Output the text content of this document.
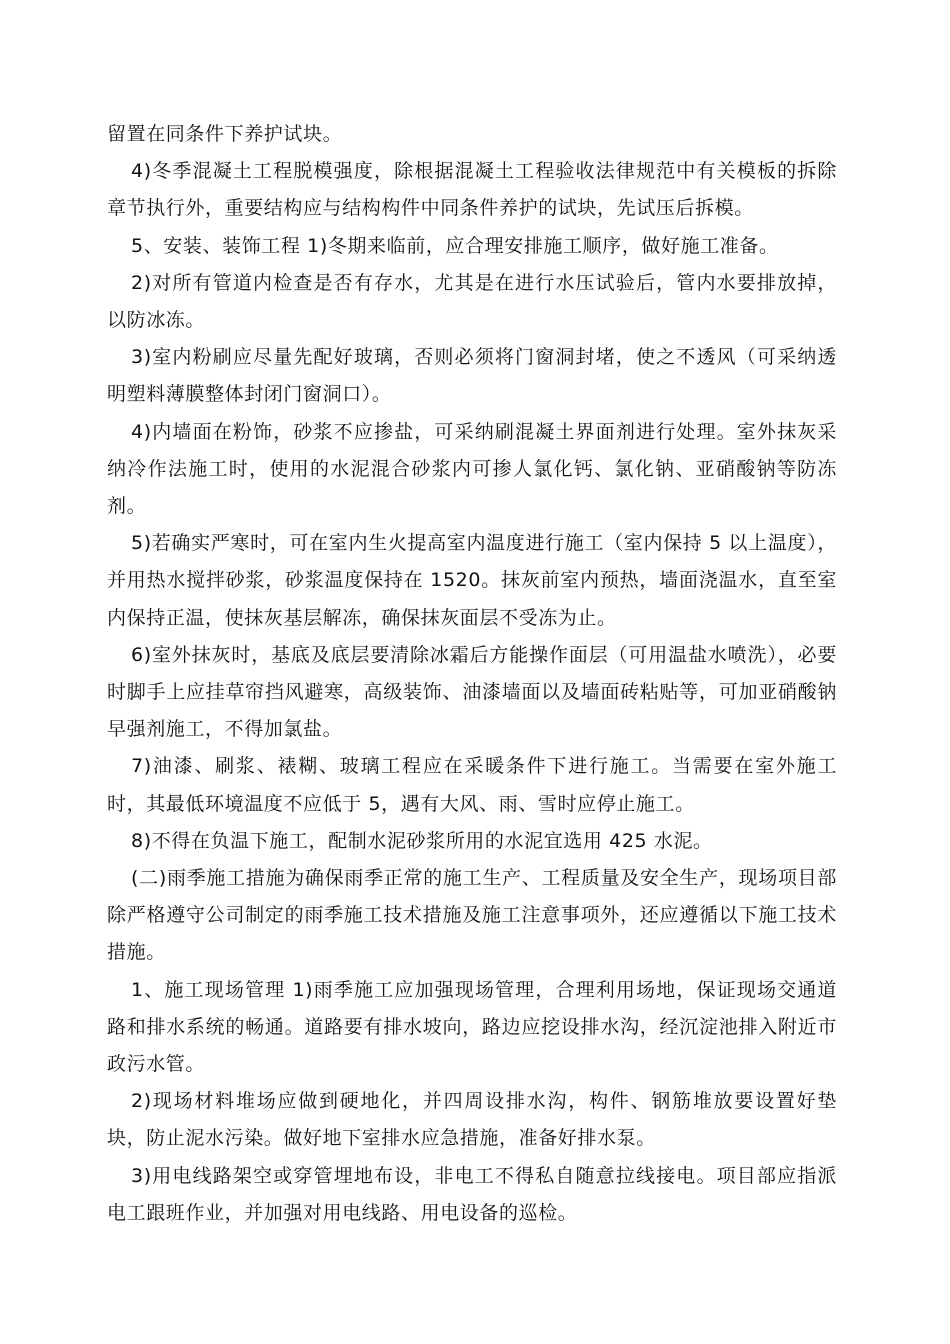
留置在同条件下养护试块。

4)冬季混凝土工程脱模强度，除根据混凝土工程验收法律规范中有关模板的拆除章节执行外，重要结构应与结构构件中同条件养护的试块，先试压后拆模。

5、安装、装饰工程 1)冬期来临前，应合理安排施工顺序，做好施工准备。

2)对所有管道内检查是否有存水，尤其是在进行水压试验后，管内水要排放掉，以防冰冻。

3)室内粉刷应尽量先配好玻璃，否则必须将门窗洞封堵，使之不透风（可采纳透明塑料薄膜整体封闭门窗洞口）。

4)内墙面在粉饰，砂浆不应掺盐，可采纳刷混凝土界面剂进行处理。室外抹灰采纳冷作法施工时，使用的水泥混合砂浆内可掺人氯化钙、氯化钠、亚硝酸钠等防冻剂。

5)若确实严寒时，可在室内生火提高室内温度进行施工（室内保持 5 以上温度），并用热水搅拌砂浆，砂浆温度保持在 1520。抹灰前室内预热，墙面浇温水，直至室内保持正温，使抹灰基层解冻，确保抹灰面层不受冻为止。

6)室外抹灰时，基底及底层要清除冰霜后方能操作面层（可用温盐水喷洗），必要时脚手上应挂草帘挡风避寒，高级装饰、油漆墙面以及墙面砖粘贴等，可加亚硝酸钠早强剂施工，不得加氯盐。

7)油漆、刷浆、裱糊、玻璃工程应在采暖条件下进行施工。当需要在室外施工时，其最低环境温度不应低于 5，遇有大风、雨、雪时应停止施工。

8)不得在负温下施工，配制水泥砂浆所用的水泥宜选用 425 水泥。

(二)雨季施工措施为确保雨季正常的施工生产、工程质量及安全生产，现场项目部除严格遵守公司制定的雨季施工技术措施及施工注意事项外，还应遵循以下施工技术措施。

1、施工现场管理 1)雨季施工应加强现场管理，合理利用场地，保证现场交通道路和排水系统的畅通。道路要有排水坡向，路边应挖设排水沟，经沉淀池排入附近市政污水管。

2)现场材料堆场应做到硬地化，并四周设排水沟，构件、钢筋堆放要设置好垫块，防止泥水污染。做好地下室排水应急措施，准备好排水泵。

3)用电线路架空或穿管埋地布设，非电工不得私自随意拉线接电。项目部应指派电工跟班作业，并加强对用电线路、用电设备的巡检。
